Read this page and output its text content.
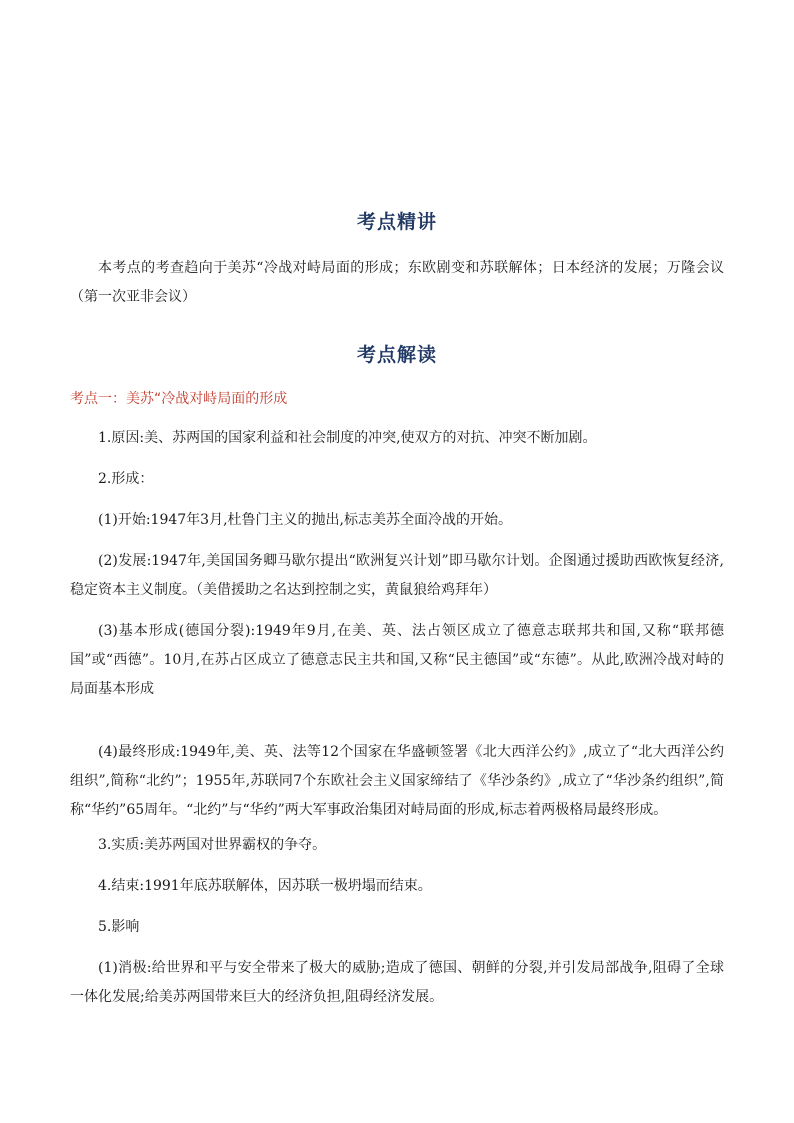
考点精讲
本考点的考查趋向于美苏“冷战对峙局面的形成；东欧剧变和苏联解体；日本经济的发展；万隆会议（第一次亚非会议）
考点解读
考点一：美苏“冷战对峙局面的形成
1.原因:美、苏两国的国家利益和社会制度的冲突,使双方的对抗、冲突不断加剧。
2.形成：
(1)开始:1947年3月,杜鲁门主义的抛出,标志美苏全面冷战的开始。
(2)发展:1947年,美国国务卿马歇尔提出“欧洲复兴计划”即马歇尔计划。企图通过援助西欧恢复经济,稳定资本主义制度。（美借援助之名达到控制之实，黄鼠狼给鸡拜年）
(3)基本形成(德国分裂):1949年9月,在美、英、法占领区成立了德意志联邦共和国,又称“联邦德国”或“西德”。10月,在苏占区成立了德意志民主共和国,又称“民主德国”或“东德”。从此,欧洲冷战对峙的局面基本形成
(4)最终形成:1949年,美、英、法等12个国家在华盛顿签署《北大西洋公约》,成立了“北大西洋公约组织”,简称“北约”；1955年,苏联同7个东欧社会主义国家缔结了《华沙条约》,成立了“华沙条约组织”,简称“华约”65周年。“北约”与“华约”两大军事政治集团对峙局面的形成,标志着两极格局最终形成。
3.实质:美苏两国对世界霸权的争夺。
4.结束:1991年底苏联解体，因苏联一极坍塌而结束。
5.影响
(1)消极:给世界和平与安全带来了极大的威胁;造成了德国、朝鲜的分裂,并引发局部战争,阻碍了全球一体化发展;给美苏两国带来巨大的经济负担,阻碍经济发展。
